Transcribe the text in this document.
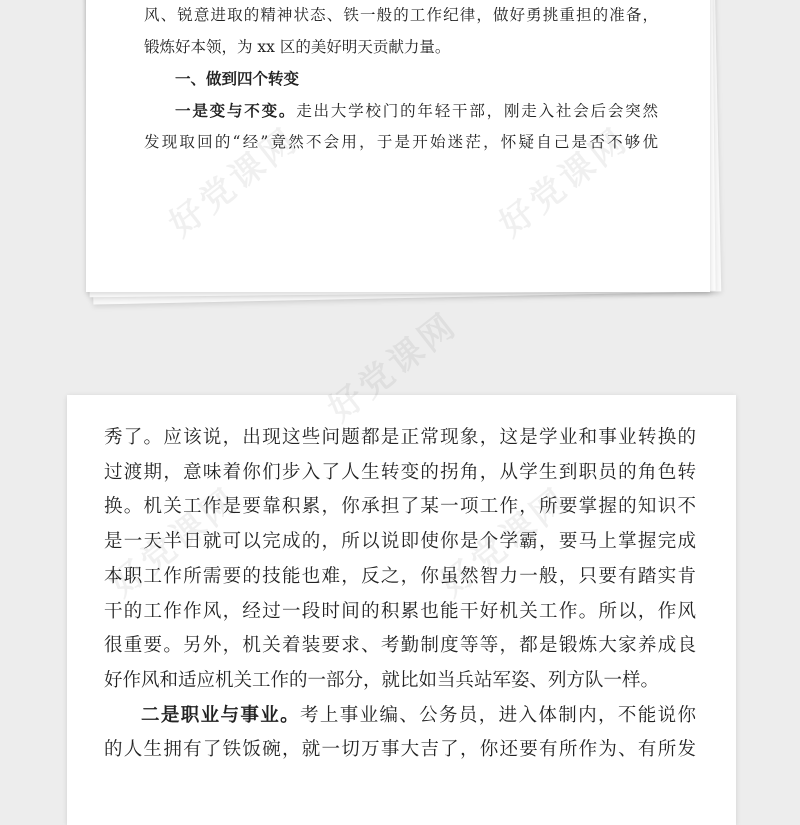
风、锐意进取的精神状态、铁一般的工作纪律，做好勇挑重担的准备，
锻炼好本领，为 xx 区的美好明天贡献力量。
一、做到四个转变
一是变与不变。走出大学校门的年轻干部，刚走入社会后会突然
发现取回的“经”竟然不会用，于是开始迷茫，怀疑自己是否不够优
好党课网	好党课网
秀了。应该说，出现这些问题都是正常现象，这是学业和事业转换的
过渡期，意味着你们步入了人生转变的拐角，从学生到职员的角色转
换。机关工作是要靠积累，你承担了某一项工作，所要掌握的知识不
是一天半日就可以完成的，所以说即使你是个学霸，要马上掌握完成
本职工作所需要的技能也难，反之，你虽然智力一般，只要有踏实肯
干的工作作风，经过一段时间的积累也能干好机关工作。所以，作风
很重要。另外，机关着装要求、考勤制度等等，都是锻炼大家养成良
好作风和适应机关工作的一部分，就比如当兵站军姿、列方队一样。
二是职业与事业。考上事业编、公务员，进入体制内，不能说你
的人生拥有了铁饭碗，就一切万事大吉了，你还要有所作为、有所发
好党课网	好党课网
好党课网
